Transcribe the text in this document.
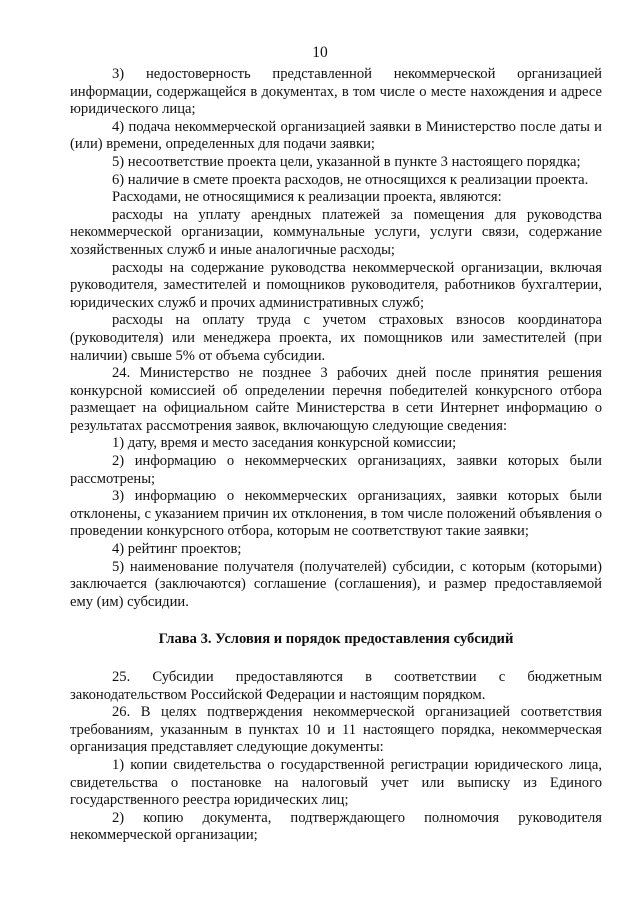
10

3) недостоверность представленной некоммерческой организацией информации, содержащейся в документах, в том числе о месте нахождения и адресе юридического лица;

4) подача некоммерческой организацией заявки в Министерство после даты и (или) времени, определенных для подачи заявки;

5) несоответствие проекта цели, указанной в пункте 3 настоящего порядка;

6) наличие в смете проекта расходов, не относящихся к реализации проекта.

Расходами, не относящимися к реализации проекта, являются:

расходы на уплату арендных платежей за помещения для руководства некоммерческой организации, коммунальные услуги, услуги связи, содержание хозяйственных служб и иные аналогичные расходы;

расходы на содержание руководства некоммерческой организации, включая руководителя, заместителей и помощников руководителя, работников бухгалтерии, юридических служб и прочих административных служб;

расходы на оплату труда с учетом страховых взносов координатора (руководителя) или менеджера проекта, их помощников или заместителей (при наличии) свыше 5% от объема субсидии.

24. Министерство не позднее 3 рабочих дней после принятия решения конкурсной комиссией об определении перечня победителей конкурсного отбора размещает на официальном сайте Министерства в сети Интернет информацию о результатах рассмотрения заявок, включающую следующие сведения:

1) дату, время и место заседания конкурсной комиссии;

2) информацию о некоммерческих организациях, заявки которых были рассмотрены;

3) информацию о некоммерческих организациях, заявки которых были отклонены, с указанием причин их отклонения, в том числе положений объявления о проведении конкурсного отбора, которым не соответствуют такие заявки;

4) рейтинг проектов;

5) наименование получателя (получателей) субсидии, с которым (которыми) заключается (заключаются) соглашение (соглашения), и размер предоставляемой ему (им) субсидии.

Глава 3. Условия и порядок предоставления субсидий

25. Субсидии предоставляются в соответствии с бюджетным законодательством Российской Федерации и настоящим порядком.

26. В целях подтверждения некоммерческой организацией соответствия требованиям, указанным в пунктах 10 и 11 настоящего порядка, некоммерческая организация представляет следующие документы:

1) копии свидетельства о государственной регистрации юридического лица, свидетельства о постановке на налоговый учет или выписку из Единого государственного реестра юридических лиц;

2) копию документа, подтверждающего полномочия руководителя некоммерческой организации;
